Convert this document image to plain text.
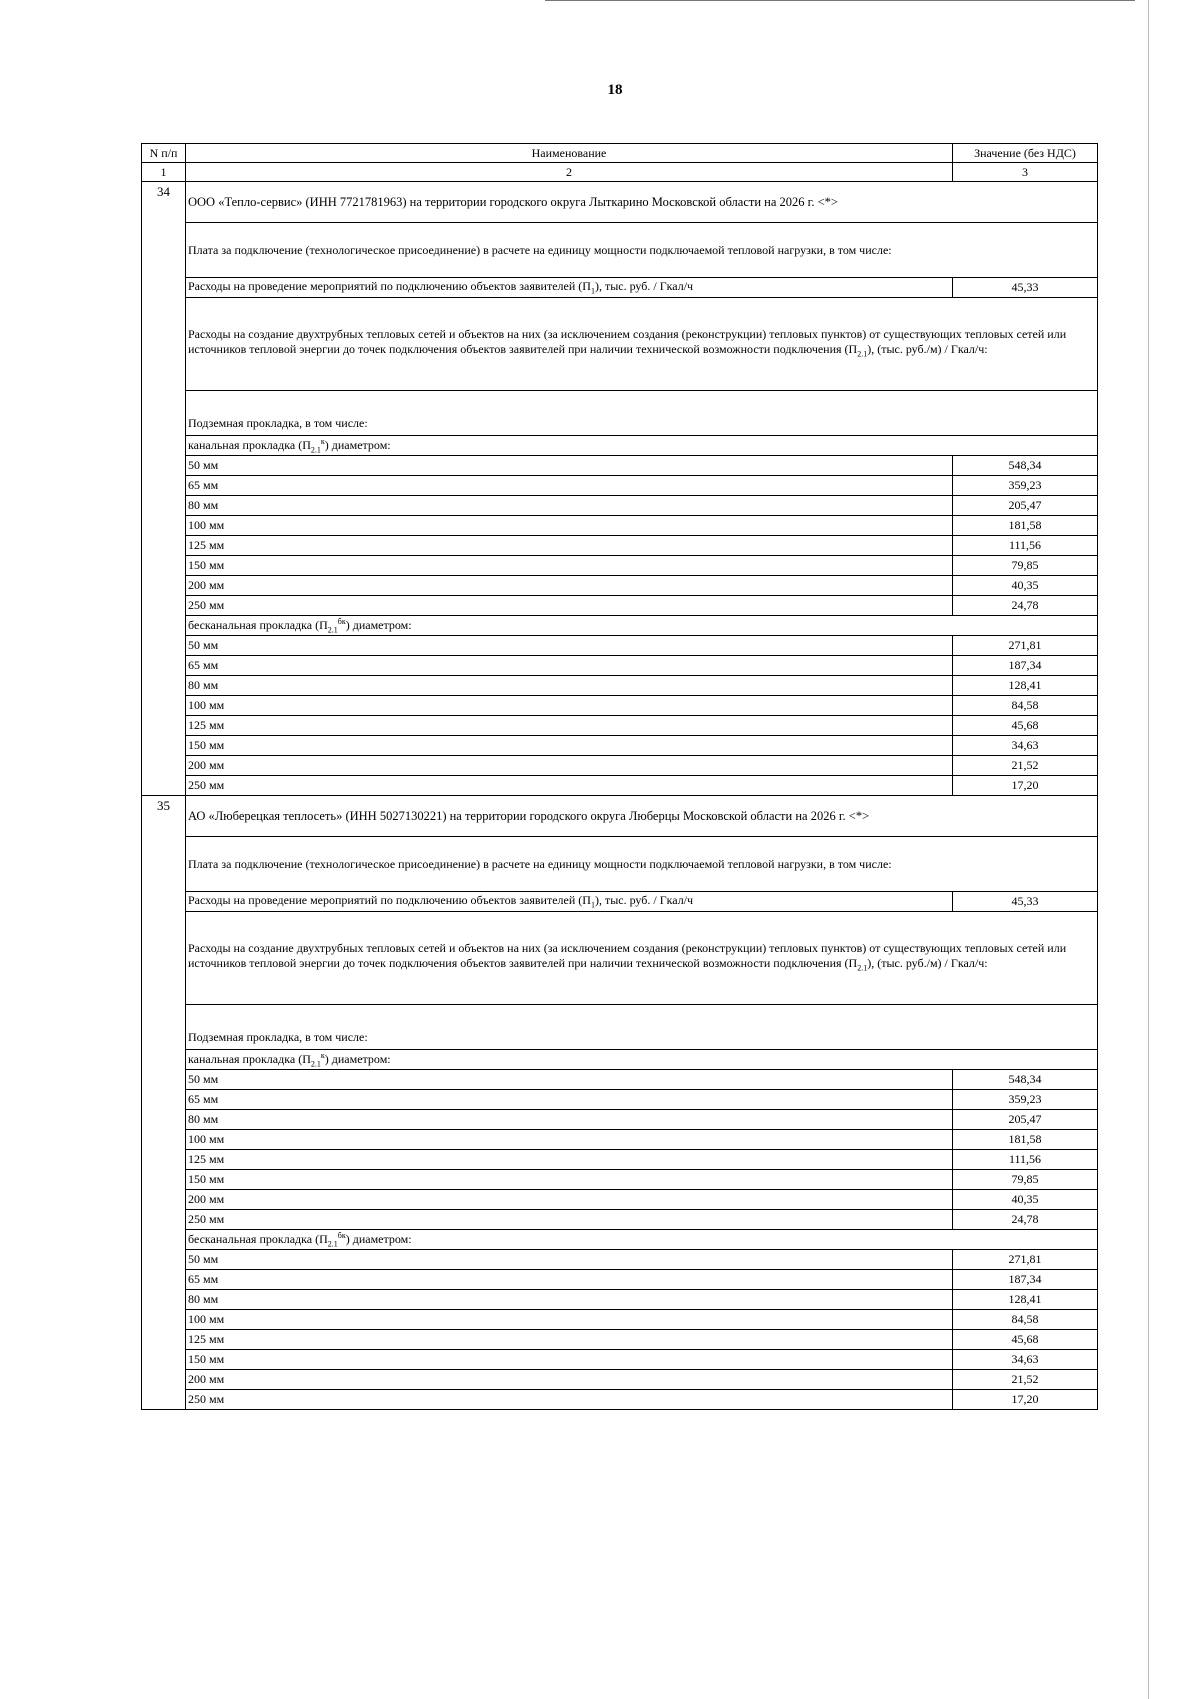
18
N п/п	Наименование	Значение (без НДС)
1	2	3
34	ООО «Тепло-сервис» (ИНН 7721781963) на территории городского округа Лыткарино Московской области на 2026 г. <*>	
	Плата за подключение (технологическое присоединение) в расчете на единицу мощности подключаемой тепловой нагрузки, в том числе:	
	Расходы на проведение мероприятий по подключению объектов заявителей $(П_1)$, тыс. руб. / Гкал/ч	45,33
	Расходы на создание двухтрубных тепловых сетей и объектов на них (за исключением создания (реконструкции) тепловых пунктов) от существующих тепловых сетей или источников тепловой энергии до точек подключения объектов заявителей при наличии технической возможности подключения $(П_{2.1})$, (тыс. руб./м) / Гкал/ч:	
	Подземная прокладка, в том числе:	
	канальная прокладка $(П_{2.1}^к)$ диаметром:	
	50 мм	548,34
	65 мм	359,23
	80 мм	205,47
	100 мм	181,58
	125 мм	111,56
	150 мм	79,85
	200 мм	40,35
	250 мм	24,78
	бесканальная прокладка $(П_{2.1}^{бк})$ диаметром:	
	50 мм	271,81
	65 мм	187,34
	80 мм	128,41
	100 мм	84,58
	125 мм	45,68
	150 мм	34,63
	200 мм	21,52
	250 мм	17,20
35	АО «Люберецкая теплосеть» (ИНН 5027130221) на территории городского округа Люберцы Московской области на 2026 г. <*>	
	Плата за подключение (технологическое присоединение) в расчете на единицу мощности подключаемой тепловой нагрузки, в том числе:	
	Расходы на проведение мероприятий по подключению объектов заявителей $(П_1)$, тыс. руб. / Гкал/ч	45,33
	Расходы на создание двухтрубных тепловых сетей и объектов на них (за исключением создания (реконструкции) тепловых пунктов) от существующих тепловых сетей или источников тепловой энергии до точек подключения объектов заявителей при наличии технической возможности подключения $(П_{2.1})$, (тыс. руб./м) / Гкал/ч:	
	Подземная прокладка, в том числе:	
	канальная прокладка $(П_{2.1}^к)$ диаметром:	
	50 мм	548,34
	65 мм	359,23
	80 мм	205,47
	100 мм	181,58
	125 мм	111,56
	150 мм	79,85
	200 мм	40,35
	250 мм	24,78
	бесканальная прокладка $(П_{2.1}^{бк})$ диаметром:	
	50 мм	271,81
	65 мм	187,34
	80 мм	128,41
	100 мм	84,58
	125 мм	45,68
	150 мм	34,63
	200 мм	21,52
	250 мм	17,20
